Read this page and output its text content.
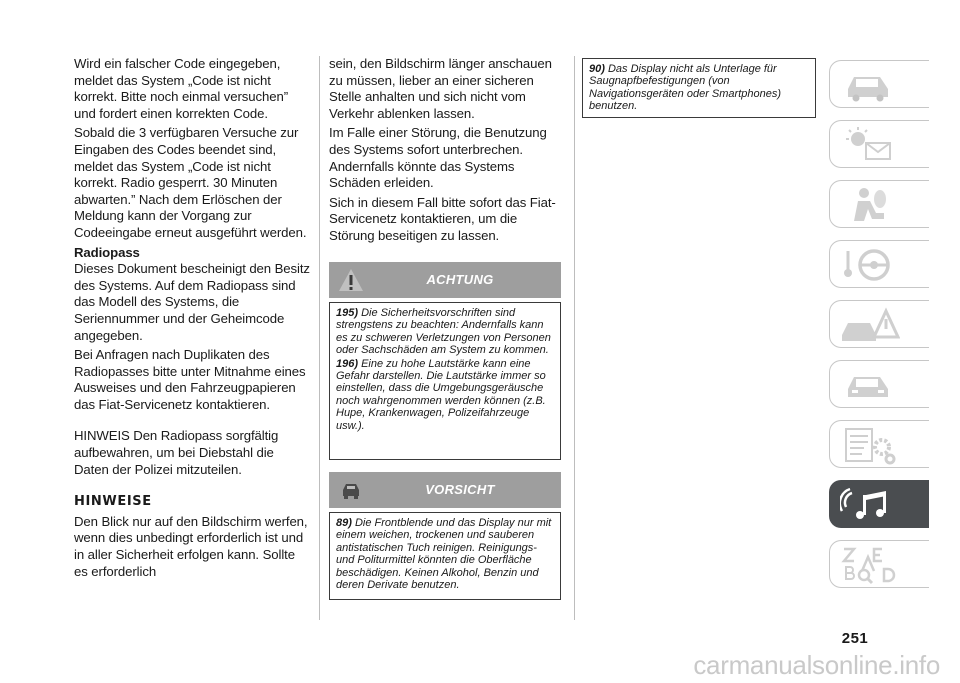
Wird ein falscher Code eingegeben, meldet das System „Code ist nicht korrekt. Bitte noch einmal versuchen” und fordert einen korrekten Code.

Sobald die 3 verfügbaren Versuche zur Eingaben des Codes beendet sind, meldet das System „Code ist nicht korrekt. Radio gesperrt. 30 Minuten abwarten.” Nach dem Erlöschen der Meldung kann der Vorgang zur Codeeingabe erneut ausgeführt werden.

Radiopass

Dieses Dokument bescheinigt den Besitz des Systems. Auf dem Radiopass sind das Modell des Systems, die Seriennummer und der Geheimcode angegeben.

Bei Anfragen nach Duplikaten des Radiopasses bitte unter Mitnahme eines Ausweises und den Fahrzeugpapieren das Fiat-Servicenetz kontaktieren.

HINWEIS Den Radiopass sorgfältig aufbewahren, um bei Diebstahl die Daten der Polizei mitzuteilen.

HINWEISE

Den Blick nur auf den Bildschirm werfen, wenn dies unbedingt erforderlich ist und in aller Sicherheit erfolgen kann. Sollte es erforderlich

sein, den Bildschirm länger anschauen zu müssen, lieber an einer sicheren Stelle anhalten und sich nicht vom Verkehr ablenken lassen.

Im Falle einer Störung, die Benutzung des Systems sofort unterbrechen. Andernfalls könnte das Systems Schäden erleiden.

Sich in diesem Fall bitte sofort das Fiat-Servicenetz kontaktieren, um die Störung beseitigen zu lassen.

ACHTUNG
195) Die Sicherheitsvorschriften sind strengstens zu beachten: Andernfalls kann es zu schweren Verletzungen von Personen oder Sachschäden am System zu kommen.
196) Eine zu hohe Lautstärke kann eine Gefahr darstellen. Die Lautstärke immer so einstellen, dass die Umgebungsgeräusche noch wahrgenommen werden können (z.B. Hupe, Krankenwagen, Polizeifahrzeuge usw.).
VORSICHT
89) Die Frontblende und das Display nur mit einem weichen, trockenen und sauberen antistatischen Tuch reinigen. Reinigungs- und Politurmittel könnten die Oberfläche beschädigen. Keinen Alkohol, Benzin und deren Derivate benutzen.
90) Das Display nicht als Unterlage für Saugnapfbefestigungen (von Navigationsgeräten oder Smartphones) benutzen.
251
carmanualsonline.info
